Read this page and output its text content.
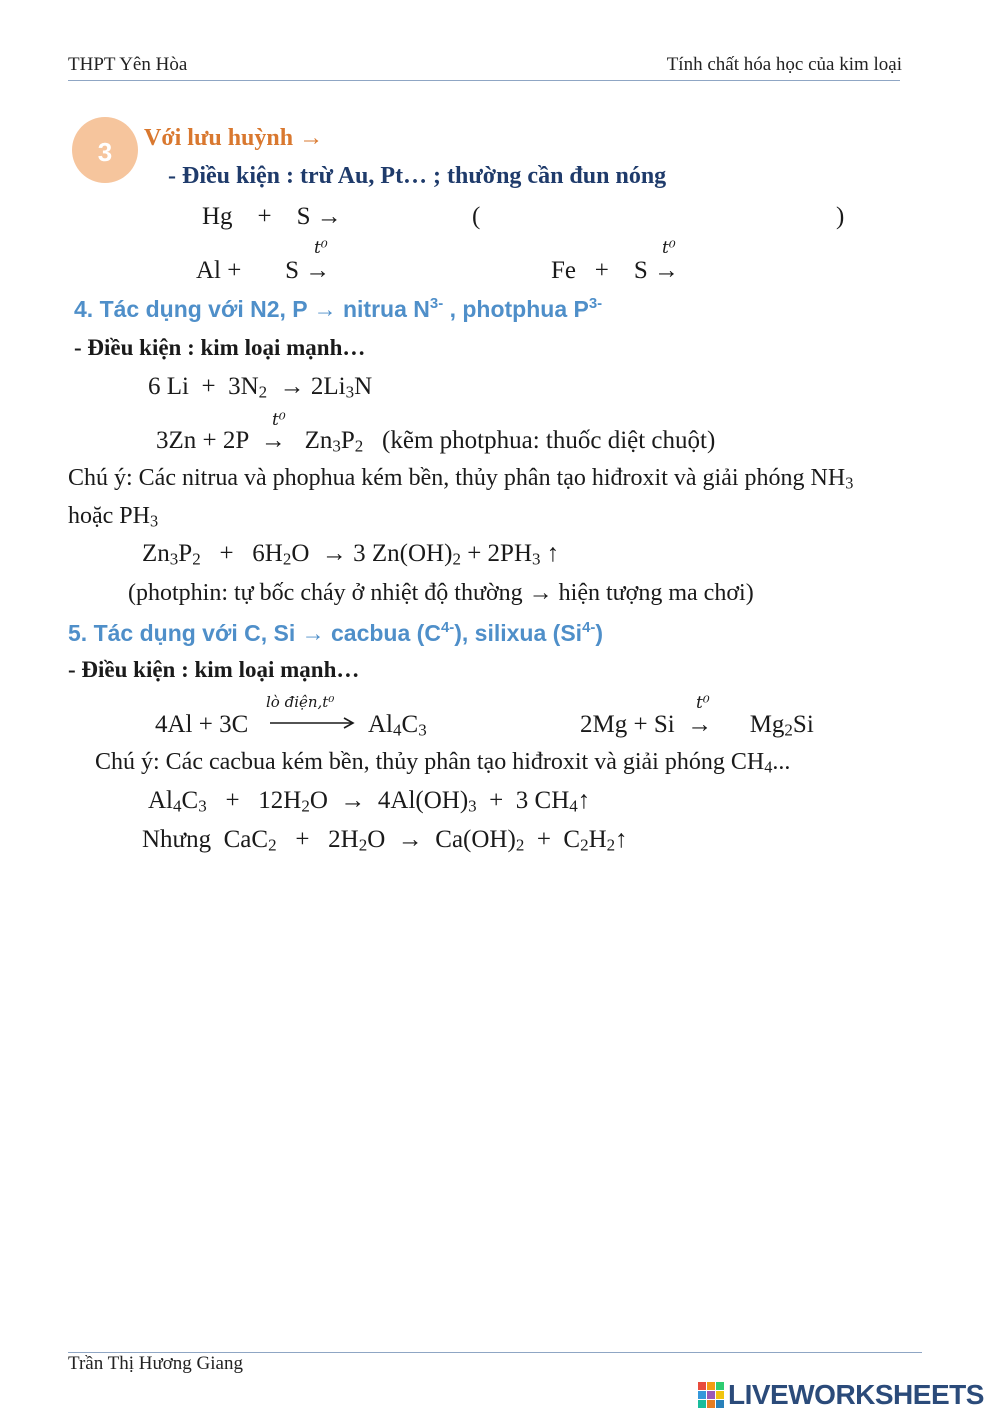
THPT Yên Hòa	Tính chất hóa học của kim loại
3	Với lưu huỳnh →
- Điều kiện : trừ Au, Pt… ; thường cần đun nóng
Hg    +    S →	(	)
Al +       S →
t⁰
Fe   +    S →
t⁰
4. Tác dụng với N2, P → nitrua $N^{3-}$ , photphua $P^{3-}$
- Điều kiện : kim loại mạnh…
6 $Li + 3N_2 \to 2Li_3N$
t⁰
$3Zn + 2P \to Zn_3P_2$ (kẽm photphua: thuốc diệt chuột)
Chú ý: Các nitrua và phophua kém bền, thủy phân tạo hiđroxit và giải phóng $NH_3$
hoặc $PH_3$
$Zn_3P_2 + 6H_2O \to 3$ $Zn(OH)_2 + 2PH_3$ ↑
(photphin: tự bốc cháy ở nhiệt độ thường → hiện tượng ma chơi)
5. Tác dụng với C, Si → cacbua $(C^{4-})$, silixua $(Si^{4-})$
- Điều kiện : kim loại mạnh…
4Al + 3C
lò điện,t⁰
$Al_4C_3$	2Mg + Si  →      $Mg_2Si$
t⁰
Chú ý: Các cacbua kém bền, thủy phân tạo hiđroxit và giải phóng $CH_4$...
$Al_4C_3 + 12H_2O \to 4Al(OH)_3 + 3$ $CH_4↑$
Nhưng  $CaC_2 + 2H_2O \to Ca(OH)_2$  +  $C_2H_2↑$
Trần Thị Hương Giang
LIVEWORKSHEETS
